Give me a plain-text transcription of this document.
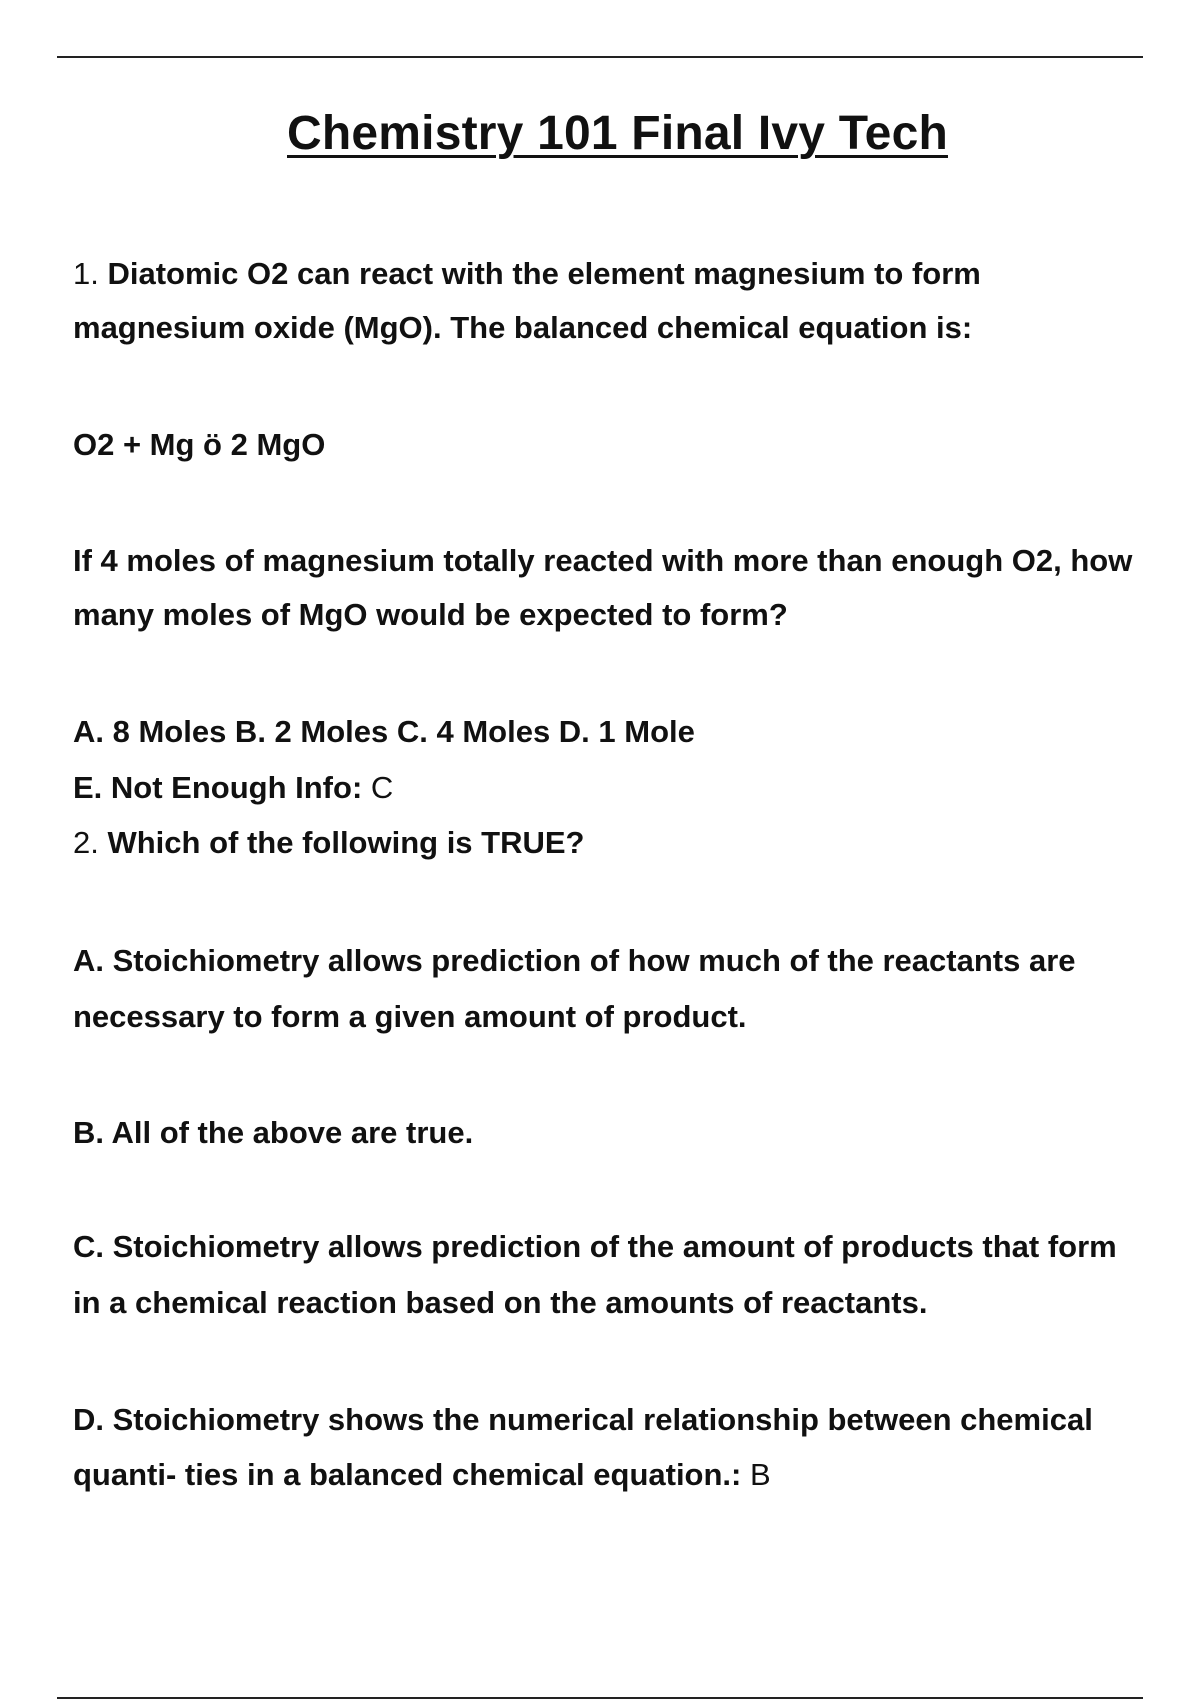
Chemistry 101 Final Ivy Tech
1. Diatomic O2 can react with the element magnesium to form
magnesium oxide (MgO). The balanced chemical equation is:
O2 + Mg ö 2 MgO
If 4 moles of magnesium totally reacted with more than enough O2, how
many moles of MgO would be expected to form?
A. 8 Moles B. 2 Moles C. 4 Moles D. 1 Mole
E. Not Enough Info: C
2. Which of the following is TRUE?
A. Stoichiometry allows prediction of how much of the reactants are
necessary to form a given amount of product.
B. All of the above are true.
C. Stoichiometry allows prediction of the amount of products that form
in a chemical reaction based on the amounts of reactants.
D. Stoichiometry shows the numerical relationship between chemical
quanti- ties in a balanced chemical equation.: B
